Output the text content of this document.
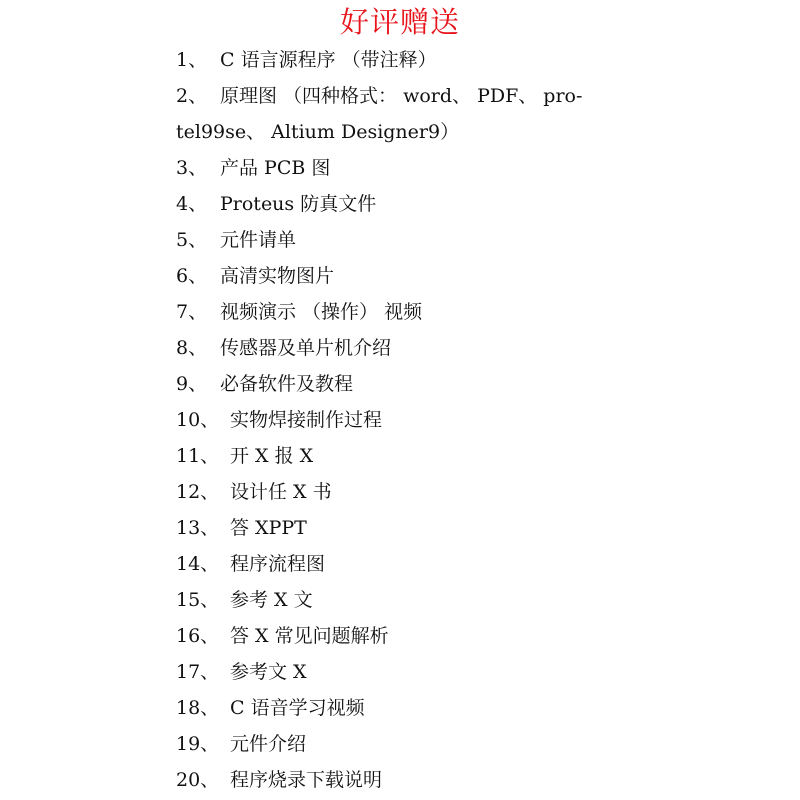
好评赠送
1、 C 语言源程序 （带注释）
2、 原理图 （四种格式： word、 PDF、 pro-
tel99se、 Altium Designer9）
3、 产品 PCB 图
4、 Proteus 防真文件
5、 元件请单
6、 高清实物图片
7、 视频演示 （操作） 视频
8、 传感器及单片机介绍
9、 必备软件及教程
10、 实物焊接制作过程
11、 开 X 报 X
12、 设计任 X 书
13、 答 XPPT
14、 程序流程图
15、 参考 X 文
16、 答 X 常见问题解析
17、 参考文 X
18、 C 语音学习视频
19、 元件介绍
20、 程序烧录下载说明
